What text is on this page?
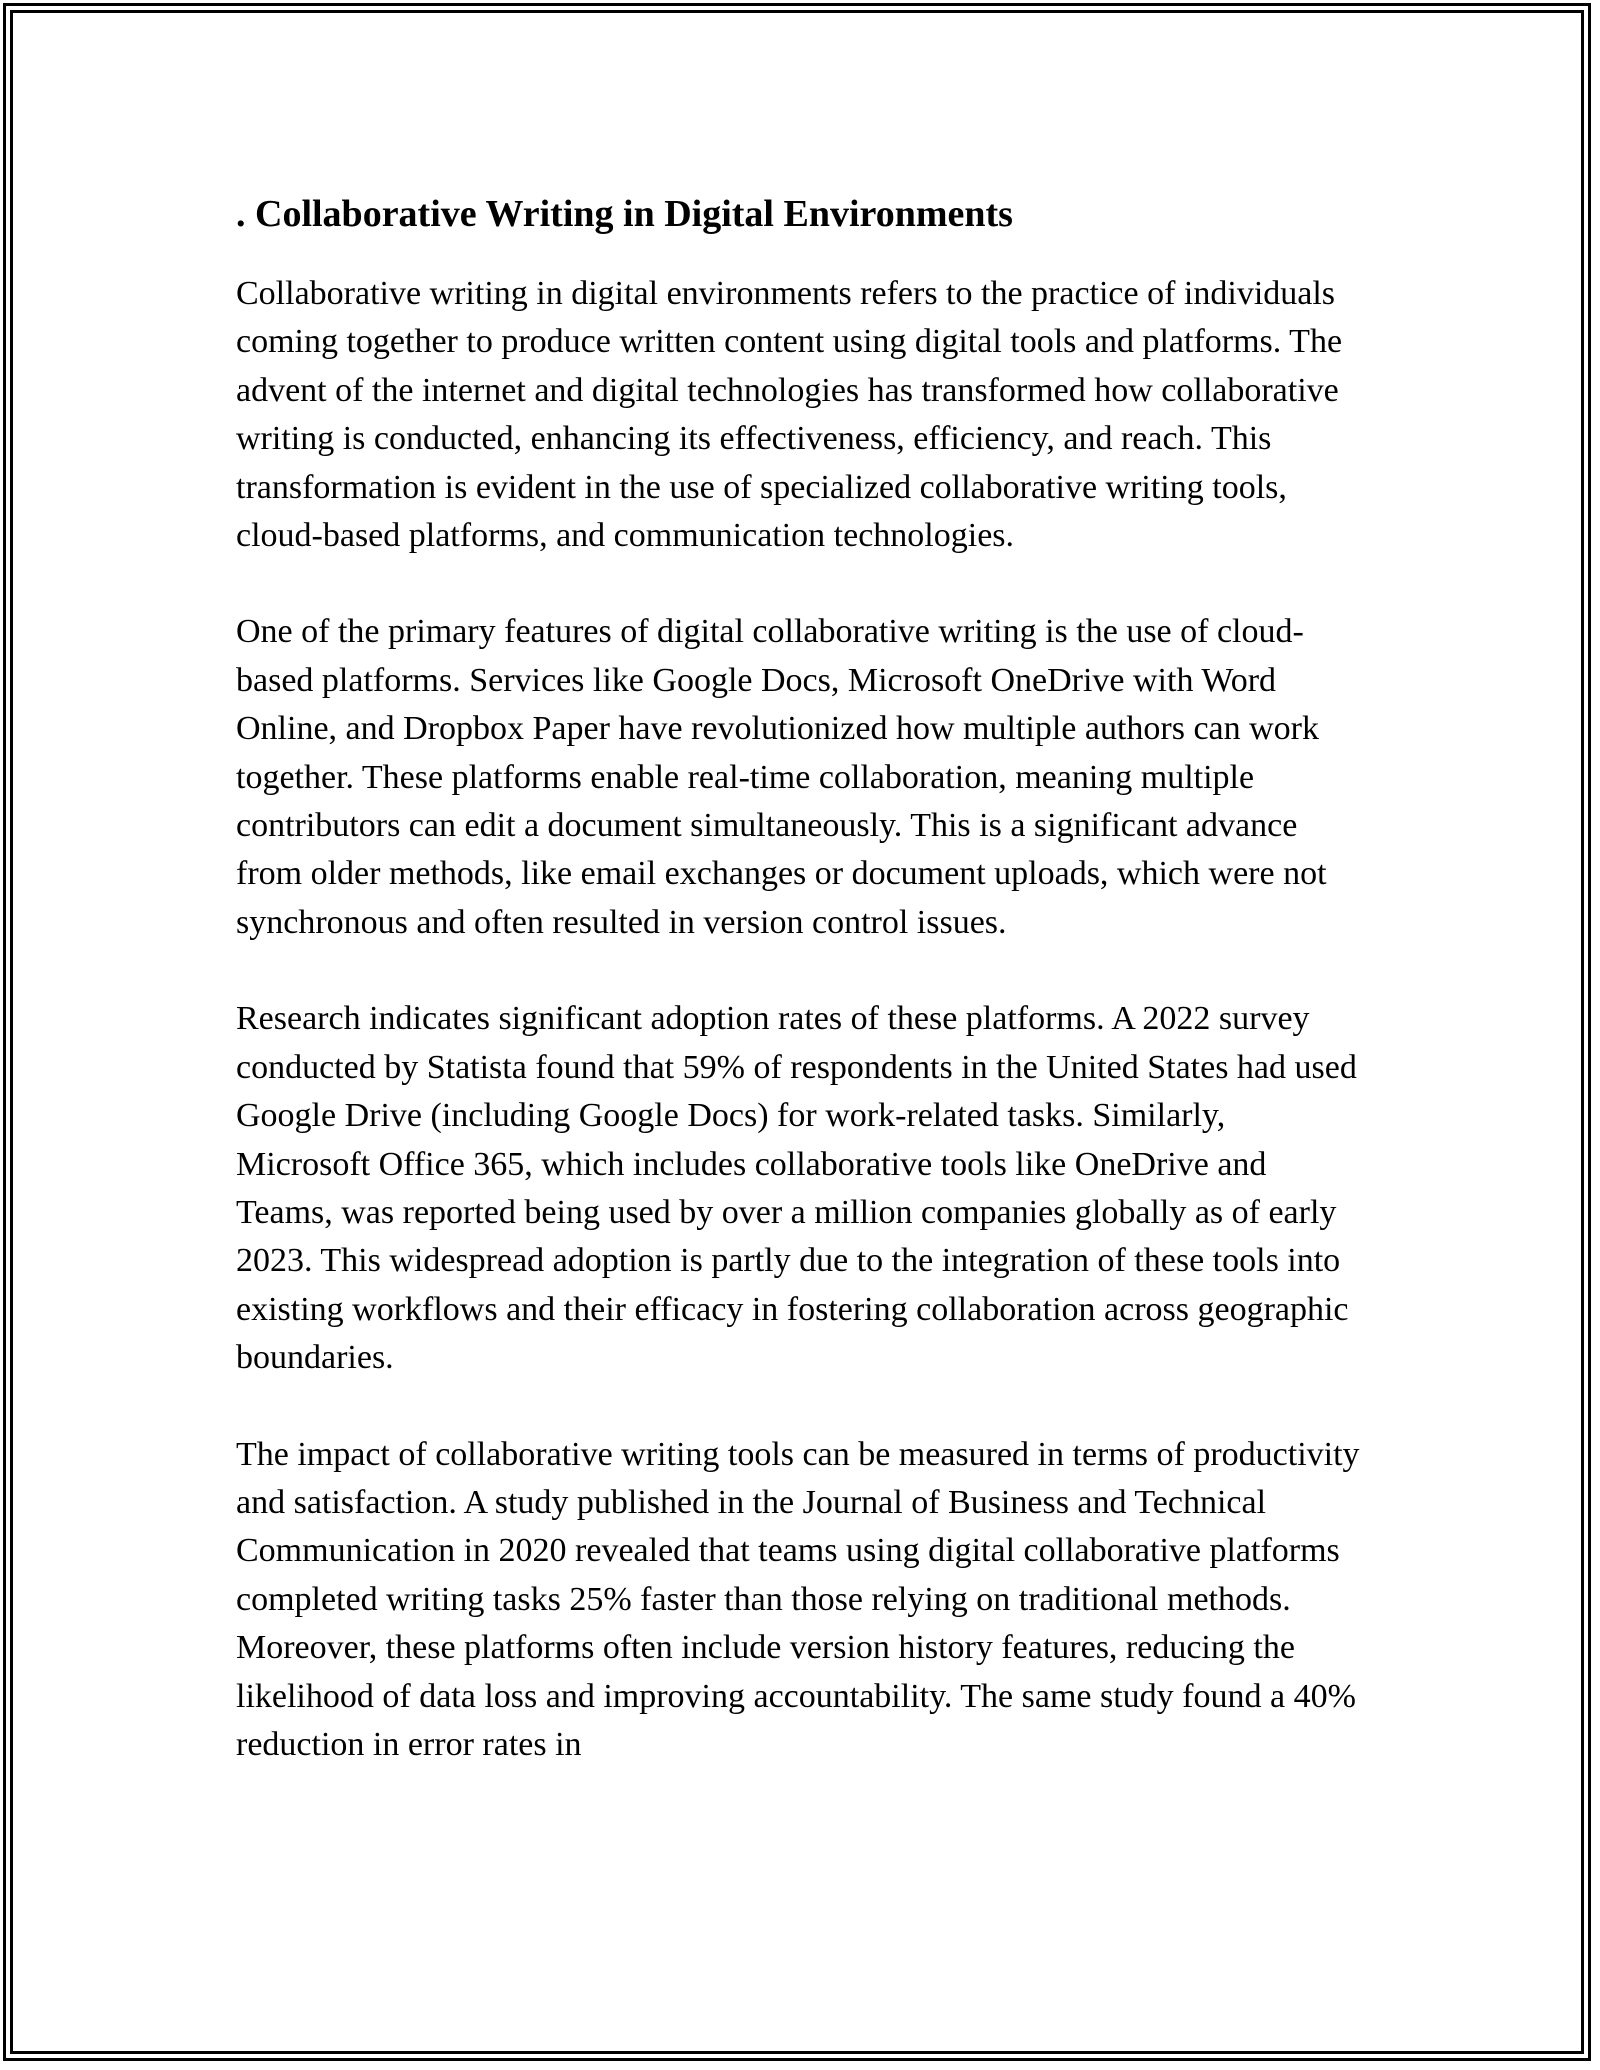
. Collaborative Writing in Digital Environments

Collaborative writing in digital environments refers to the practice of individuals coming together to produce written content using digital tools and platforms. The advent of the internet and digital technologies has transformed how collaborative writing is conducted, enhancing its effectiveness, efficiency, and reach. This transformation is evident in the use of specialized collaborative writing tools, cloud-based platforms, and communication technologies.

One of the primary features of digital collaborative writing is the use of cloud-based platforms. Services like Google Docs, Microsoft OneDrive with Word Online, and Dropbox Paper have revolutionized how multiple authors can work together. These platforms enable real-time collaboration, meaning multiple contributors can edit a document simultaneously. This is a significant advance from older methods, like email exchanges or document uploads, which were not synchronous and often resulted in version control issues.

Research indicates significant adoption rates of these platforms. A 2022 survey conducted by Statista found that 59% of respondents in the United States had used Google Drive (including Google Docs) for work-related tasks. Similarly, Microsoft Office 365, which includes collaborative tools like OneDrive and Teams, was reported being used by over a million companies globally as of early 2023. This widespread adoption is partly due to the integration of these tools into existing workflows and their efficacy in fostering collaboration across geographic boundaries.

The impact of collaborative writing tools can be measured in terms of productivity and satisfaction. A study published in the Journal of Business and Technical Communication in 2020 revealed that teams using digital collaborative platforms completed writing tasks 25% faster than those relying on traditional methods. Moreover, these platforms often include version history features, reducing the likelihood of data loss and improving accountability. The same study found a 40% reduction in error rates in
